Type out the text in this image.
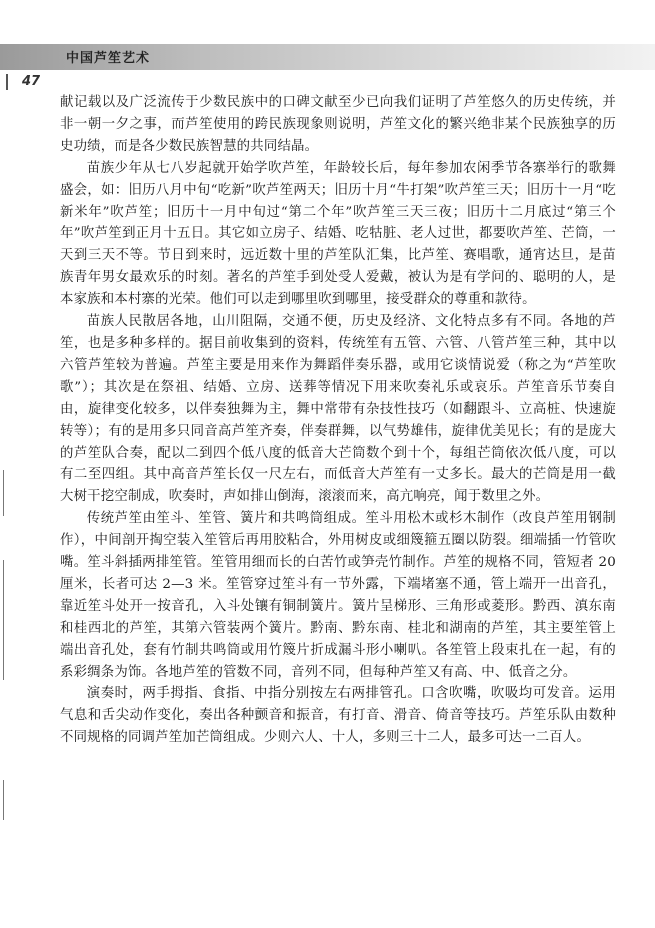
中国芦笙艺术
47

献记载以及广泛流传于少数民族中的口碑文献至少已向我们证明了芦笙悠久的历史传统，并非一朝一夕之事，而芦笙使用的跨民族现象则说明，芦笙文化的繁兴绝非某个民族独享的历史功绩，而是各少数民族智慧的共同结晶。

苗族少年从七八岁起就开始学吹芦笙，年龄较长后，每年参加农闲季节各寨举行的歌舞盛会，如：旧历八月中旬“吃新”吹芦笙两天；旧历十月“牛打架”吹芦笙三天；旧历十一月“吃新米年”吹芦笙；旧历十一月中旬过“第二个年”吹芦笙三天三夜；旧历十二月底过“第三个年”吹芦笙到正月十五日。其它如立房子、结婚、吃牯脏、老人过世，都要吹芦笙、芒筒，一天到三天不等。节日到来时，远近数十里的芦笙队汇集，比芦笙、赛唱歌，通宵达旦，是苗族青年男女最欢乐的时刻。著名的芦笙手到处受人爱戴，被认为是有学问的、聪明的人，是本家族和本村寨的光荣。他们可以走到哪里吹到哪里，接受群众的尊重和款待。

苗族人民散居各地，山川阻隔，交通不便，历史及经济、文化特点多有不同。各地的芦笙，也是多种多样的。据目前收集到的资料，传统笙有五管、六管、八管芦笙三种，其中以六管芦笙较为普遍。芦笙主要是用来作为舞蹈伴奏乐器，或用它谈情说爱（称之为“芦笙吹歌”）；其次是在祭祖、结婚、立房、送葬等情况下用来吹奏礼乐或哀乐。芦笙音乐节奏自由，旋律变化较多，以伴奏独舞为主，舞中常带有杂技性技巧（如翻跟斗、立高桩、快速旋转等）；有的是用多只同音高芦笙齐奏，伴奏群舞，以气势雄伟，旋律优美见长；有的是庞大的芦笙队合奏，配以二到四个低八度的低音大芒筒数个到十个，每组芒筒依次低八度，可以有二至四组。其中高音芦笙长仅一尺左右，而低音大芦笙有一丈多长。最大的芒筒是用一截大树干挖空制成，吹奏时，声如排山倒海，滚滚而来，高亢响亮，闻于数里之外。

传统芦笙由笙斗、笙管、簧片和共鸣筒组成。笙斗用松木或杉木制作（改良芦笙用钢制作），中间剖开掏空装入笙管后再用胶粘合，外用树皮或细篾箍五圈以防裂。细端插一竹管吹嘴。笙斗斜插两排笙管。笙管用细而长的白苦竹或笋壳竹制作。芦笙的规格不同，管短者 20 厘米，长者可达 2—3 米。笙管穿过笙斗有一节外露，下端堵塞不通，管上端开一出音孔，靠近笙斗处开一按音孔，入斗处镶有铜制簧片。簧片呈梯形、三角形或菱形。黔西、滇东南和桂西北的芦笙，其第六管装两个簧片。黔南、黔东南、桂北和湖南的芦笙，其主要笙管上端出音孔处，套有竹制共鸣筒或用竹篾片折成漏斗形小喇叭。各笙管上段束扎在一起，有的系彩绸条为饰。各地芦笙的管数不同，音列不同，但每种芦笙又有高、中、低音之分。

演奏时，两手拇指、食指、中指分别按左右两排管孔。口含吹嘴，吹吸均可发音。运用气息和舌尖动作变化，奏出各种颤音和振音，有打音、滑音、倚音等技巧。芦笙乐队由数种不同规格的同调芦笙加芒筒组成。少则六人、十人，多则三十二人，最多可达一二百人。
